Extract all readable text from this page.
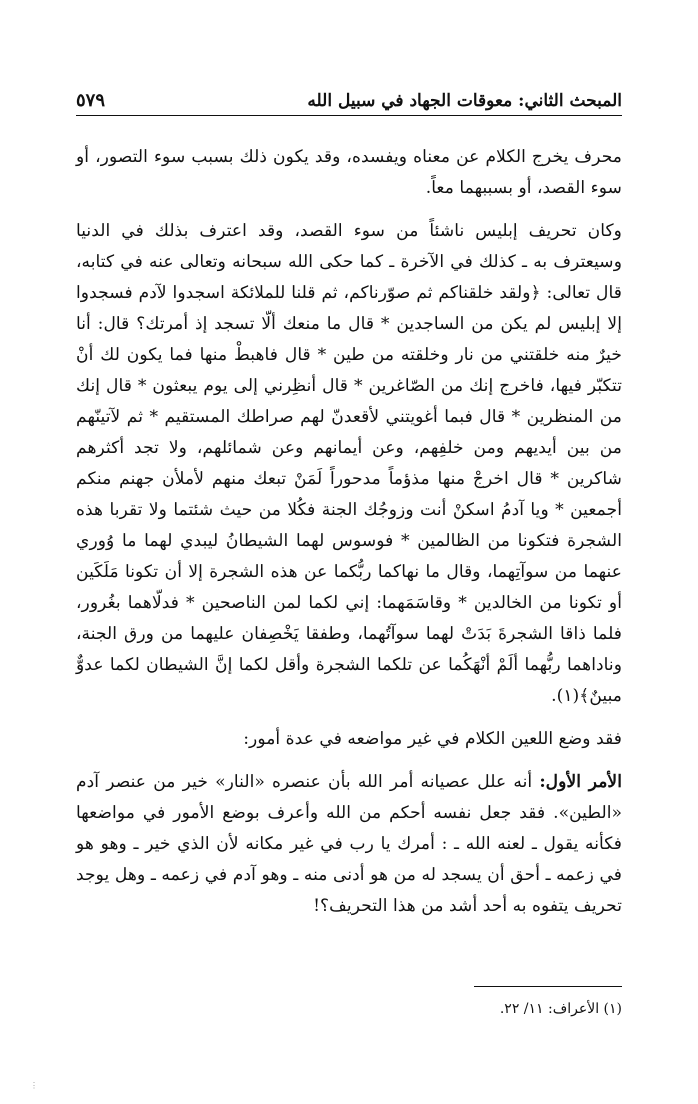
المبحث الثاني: معوقات الجهاد في سبيل الله
٥٧٩

محرف يخرج الكلام عن معناه ويفسده، وقد يكون ذلك بسبب سوء التصور، أو سوء القصد، أو بسببهما معاً.

وكان تحريف إبليس ناشئاً من سوء القصد، وقد اعترف بذلك في الدنيا وسيعترف به ـ كذلك في الآخرة ـ كما حكى الله سبحانه وتعالى عنه في كتابه، قال تعالى: ﴿ولقد خلقناكم ثم صوّرناكم، ثم قلنا للملائكة اسجدوا لآدم فسجدوا إلا إبليس لم يكن من الساجدين * قال ما منعك ألّا تسجد إذ أمرتك؟ قال: أنا خيرٌ منه خلقتني من نار وخلقته من طين * قال فاهبطْ منها فما يكون لك أنْ تتكبّر فيها، فاخرج إنك من الصّاغرين * قال أنظِرني إلى يوم يبعثون * قال إنك من المنظرين * قال فبما أغويتني لأقعدنّ لهم صراطك المستقيم * ثم لآتينّهم من بين أيديهم ومن خلفِهم، وعن أيمانهم وعن شمائلهم، ولا تجد أكثرهم شاكرين * قال اخرجْ منها مذؤماً مدحوراً لَمَنْ تبعك منهم لأملأن جهنم منكم أجمعين * ويا آدمُ اسكنْ أنت وزوجُك الجنة فكُلا من حيث شئتما ولا تقربا هذه الشجرة فتكونا من الظالمين * فوسوس لهما الشيطانُ ليبدي لهما ما وُوري عنهما من سوآتِهما، وقال ما نهاكما ربُّكما عن هذه الشجرة إلا أن تكونا مَلَكَين أو تكونا من الخالدين * وقاسَمَهما: إني لكما لمن الناصحين * فدلّاهما بغُرور، فلما ذاقا الشجرةَ بَدَتْ لهما سوآتُهما، وطفقا يَخْصِفان عليهما من ورق الجنة، وناداهما ربُّهما ألَمْ أنْهَكُما عن تلكما الشجرة وأقل لكما إنَّ الشيطان لكما عدوٌّ مبينٌ﴾(١).

فقد وضع اللعين الكلام في غير مواضعه في عدة أمور:

الأمر الأول: أنه علل عصيانه أمر الله بأن عنصره «النار» خير من عنصر آدم «الطين». فقد جعل نفسه أحكم من الله وأعرف بوضع الأمور في مواضعها فكأنه يقول ـ لعنه الله ـ : أمرك يا رب في غير مكانه لأن الذي خير ـ وهو هو في زعمه ـ أحق أن يسجد له من هو أدنى منه ـ وهو آدم في زعمه ـ وهل يوجد تحريف يتفوه به أحد أشد من هذا التحريف؟!

(١) الأعراف: ١١/ ٢٢.
⋮
